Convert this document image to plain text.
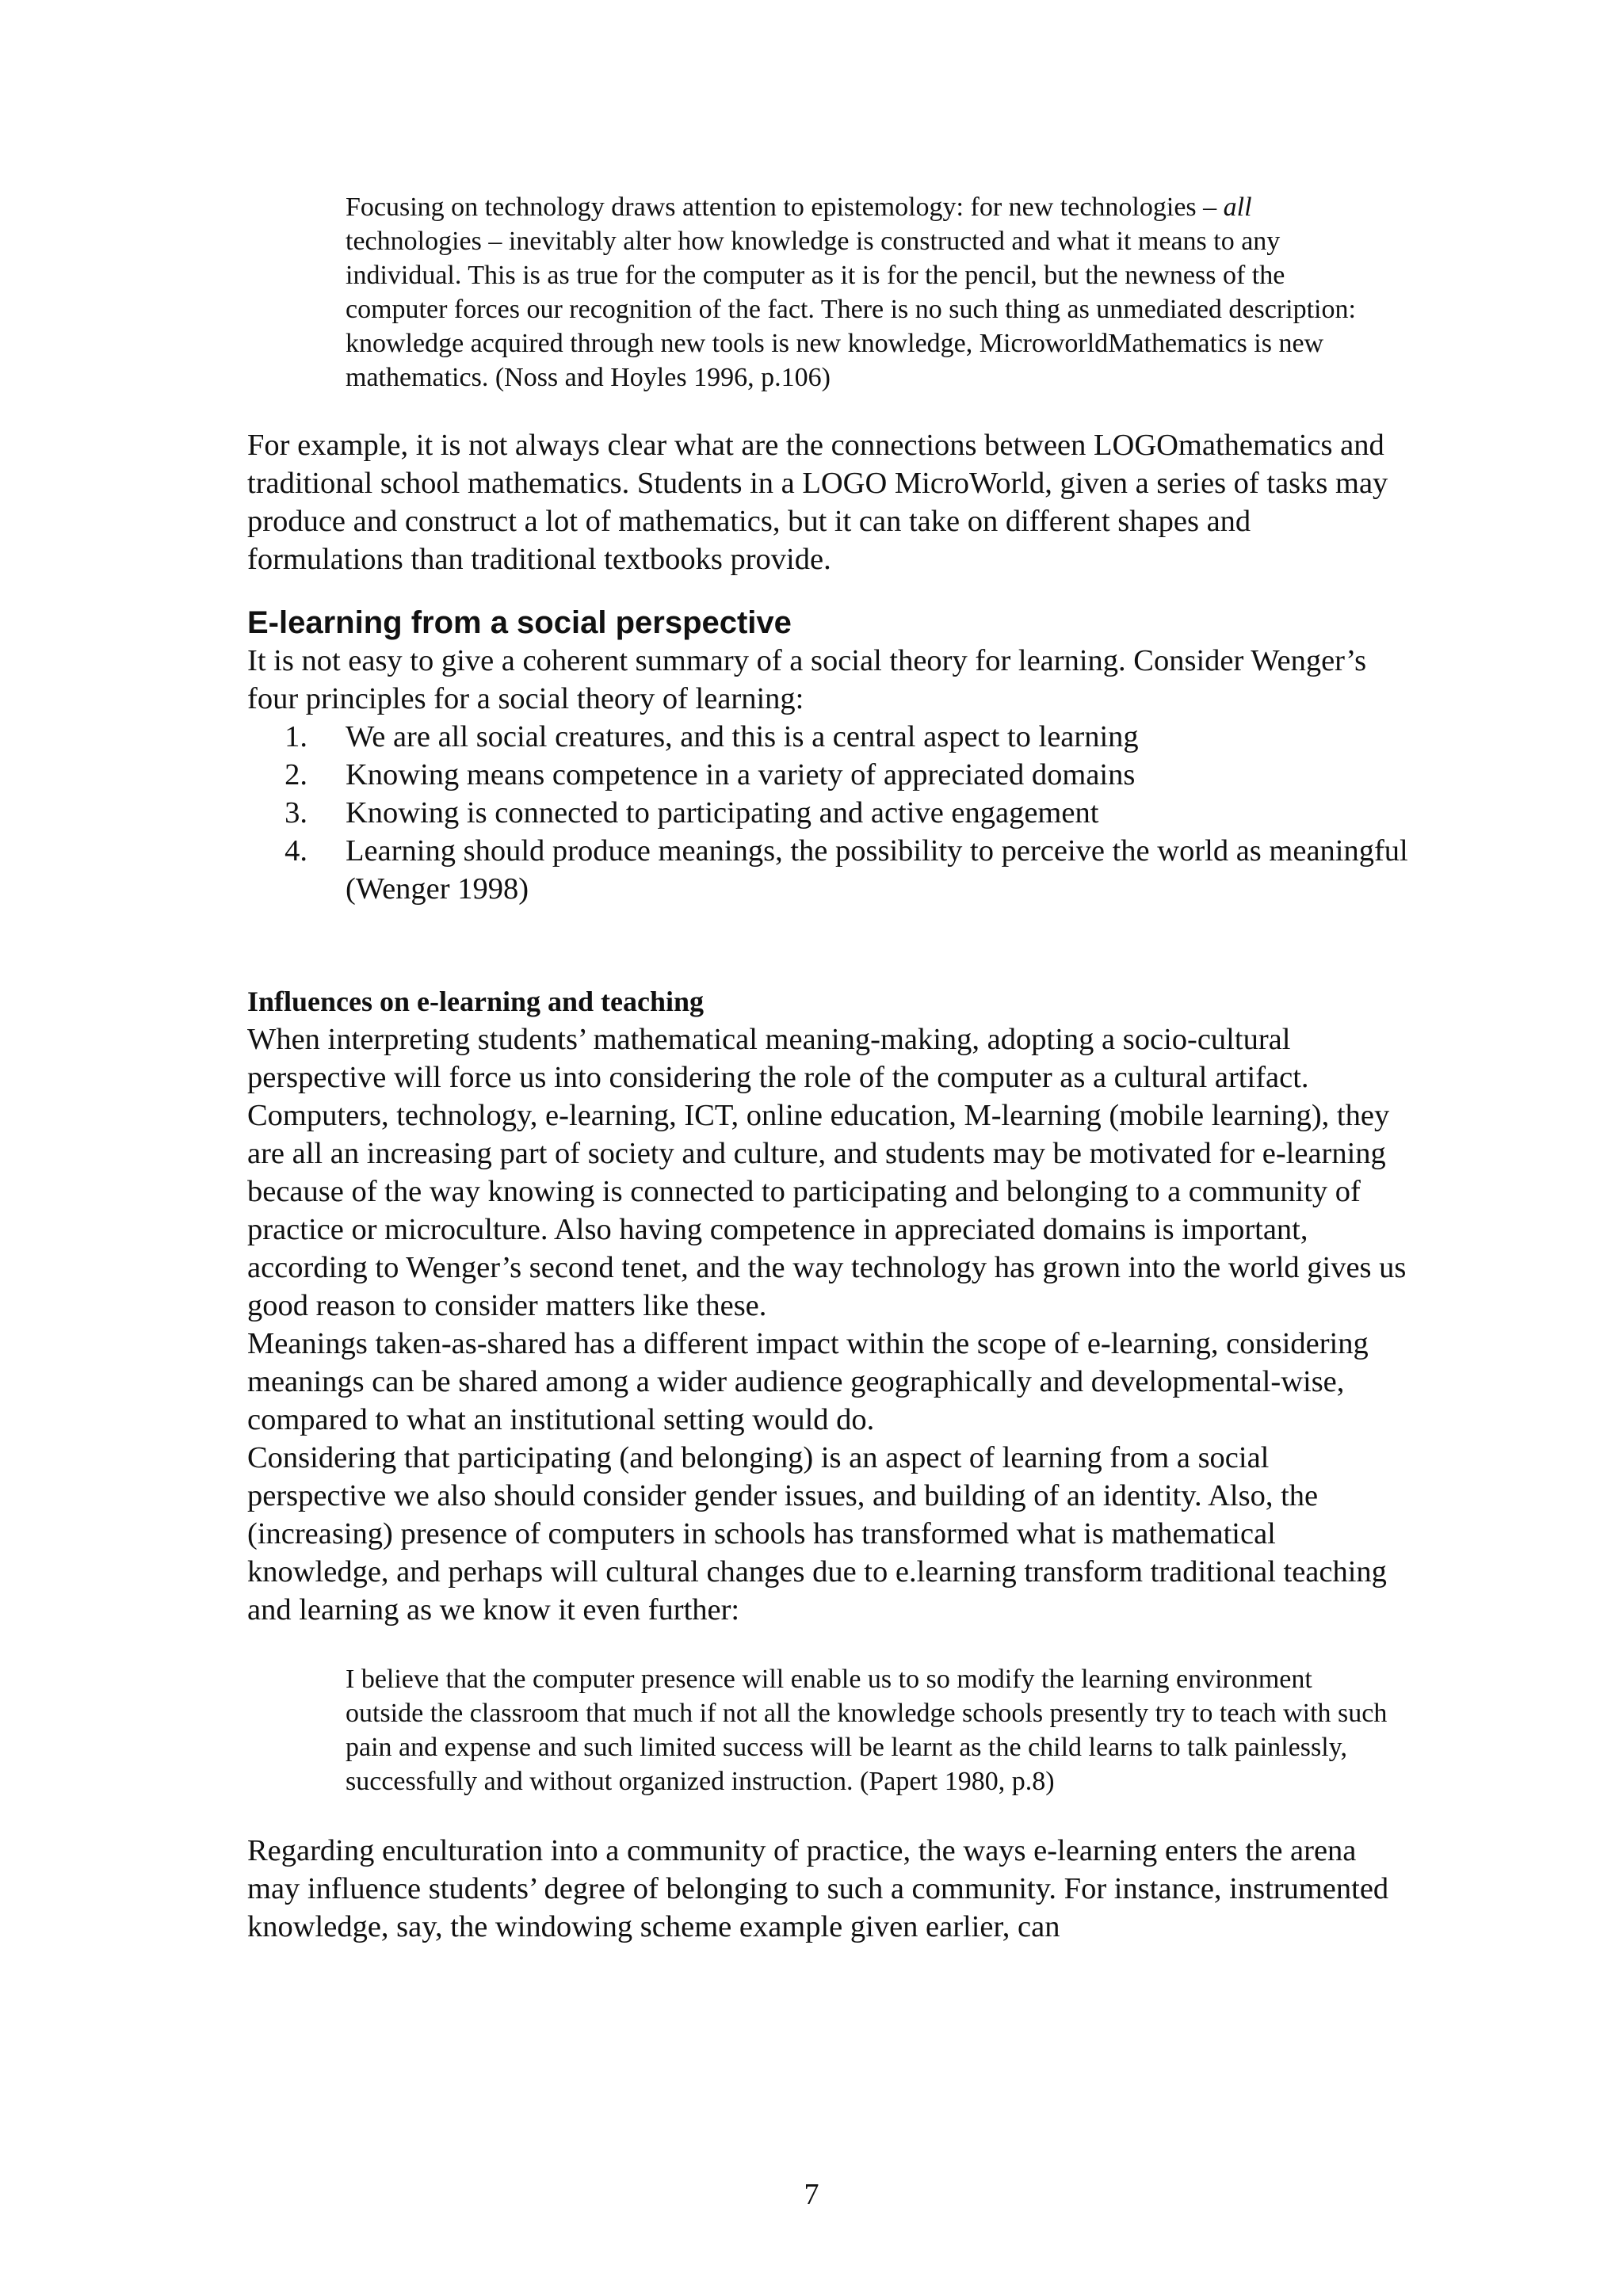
Focusing on technology draws attention to epistemology: for new technologies – all technologies – inevitably alter how knowledge is constructed and what it means to any individual. This is as true for the computer as it is for the pencil, but the newness of the computer forces our recognition of the fact. There is no such thing as unmediated description: knowledge acquired through new tools is new knowledge, MicroworldMathematics is new mathematics. (Noss and Hoyles 1996, p.106)

For example, it is not always clear what are the connections between LOGOmathematics and traditional school mathematics. Students in a LOGO MicroWorld, given a series of tasks may produce and construct a lot of mathematics, but it can take on different shapes and formulations than traditional textbooks provide.

E-learning from a social perspective

It is not easy to give a coherent summary of a social theory for learning. Consider Wenger’s four principles for a social theory of learning:

1.	We are all social creatures, and this is a central aspect to learning
2.	Knowing means competence in a variety of appreciated domains
3.	Knowing is connected to participating and active engagement
4.	Learning should produce meanings, the possibility to perceive the world as meaningful (Wenger 1998)
Influences on e-learning and teaching

When interpreting students’ mathematical meaning-making, adopting a socio-cultural perspective will force us into considering the role of the computer as a cultural artifact. Computers, technology, e-learning, ICT, online education, M-learning (mobile learning), they are all an increasing part of society and culture, and students may be motivated for e-learning because of the way knowing is connected to participating and belonging to a community of practice or microculture. Also having competence in appreciated domains is important, according to Wenger’s second tenet, and the way technology has grown into the world gives us good reason to consider matters like these.

Meanings taken-as-shared has a different impact within the scope of e-learning, considering meanings can be shared among a wider audience geographically and developmental-wise, compared to what an institutional setting would do.

Considering that participating (and belonging) is an aspect of learning from a social perspective we also should consider gender issues, and building of an identity. Also, the (increasing) presence of computers in schools has transformed what is mathematical knowledge, and perhaps will cultural changes due to e.learning transform traditional teaching and learning as we know it even further:

I believe that the computer presence will enable us to so modify the learning environment outside the classroom that much if not all the knowledge schools presently try to teach with such pain and expense and such limited success will be learnt as the child learns to talk painlessly, successfully and without organized instruction. (Papert 1980, p.8)

Regarding enculturation into a community of practice, the ways e-learning enters the arena may influence students’ degree of belonging to such a community. For instance, instrumented knowledge, say, the windowing scheme example given earlier, can

7
